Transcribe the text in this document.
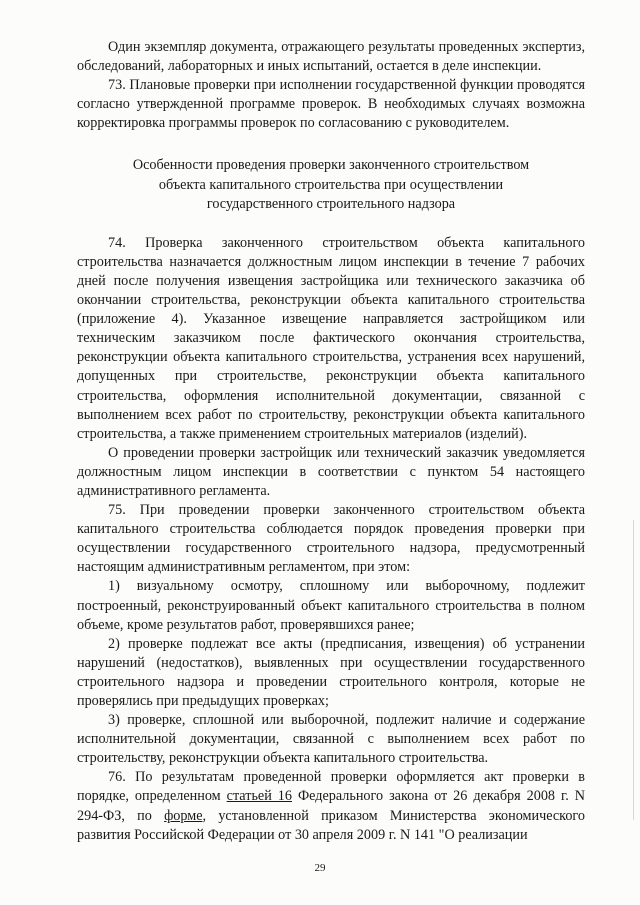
Один экземпляр документа, отражающего результаты проведенных экспертиз, обследований, лабораторных и иных испытаний, остается в деле инспекции.

73. Плановые проверки при исполнении государственной функции проводятся согласно утвержденной программе проверок. В необходимых случаях возможна корректировка программы проверок по согласованию с руководителем.

Особенности проведения проверки законченного строительством

объекта капитального строительства при осуществлении

государственного строительного надзора

74. Проверка законченного строительством объекта капитального строительства назначается должностным лицом инспекции в течение 7 рабочих дней после получения извещения застройщика или технического заказчика об окончании строительства, реконструкции объекта капитального строительства (приложение 4). Указанное извещение направляется застройщиком или техническим заказчиком после фактического окончания строительства, реконструкции объекта капитального строительства, устранения всех нарушений, допущенных при строительстве, реконструкции объекта капитального строительства, оформления исполнительной документации, связанной с выполнением всех работ по строительству, реконструкции объекта капитального строительства, а также применением строительных материалов (изделий).

О проведении проверки застройщик или технический заказчик уведомляется должностным лицом инспекции в соответствии с пунктом 54 настоящего административного регламента.

75. При проведении проверки законченного строительством объекта капитального строительства соблюдается порядок проведения проверки при осуществлении государственного строительного надзора, предусмотренный настоящим административным регламентом, при этом:

1) визуальному осмотру, сплошному или выборочному, подлежит построенный, реконструированный объект капитального строительства в полном объеме, кроме результатов работ, проверявшихся ранее;

2) проверке подлежат все акты (предписания, извещения) об устранении нарушений (недостатков), выявленных при осуществлении государственного строительного надзора и проведении строительного контроля, которые не проверялись при предыдущих проверках;

3) проверке, сплошной или выборочной, подлежит наличие и содержание исполнительной документации, связанной с выполнением всех работ по строительству, реконструкции объекта капитального строительства.

76. По результатам проведенной проверки оформляется акт проверки в порядке, определенном статьей 16 Федерального закона от 26 декабря 2008 г. N 294-ФЗ, по форме, установленной приказом Министерства экономического развития Российской Федерации от 30 апреля 2009 г. N 141 "О реализации

29
